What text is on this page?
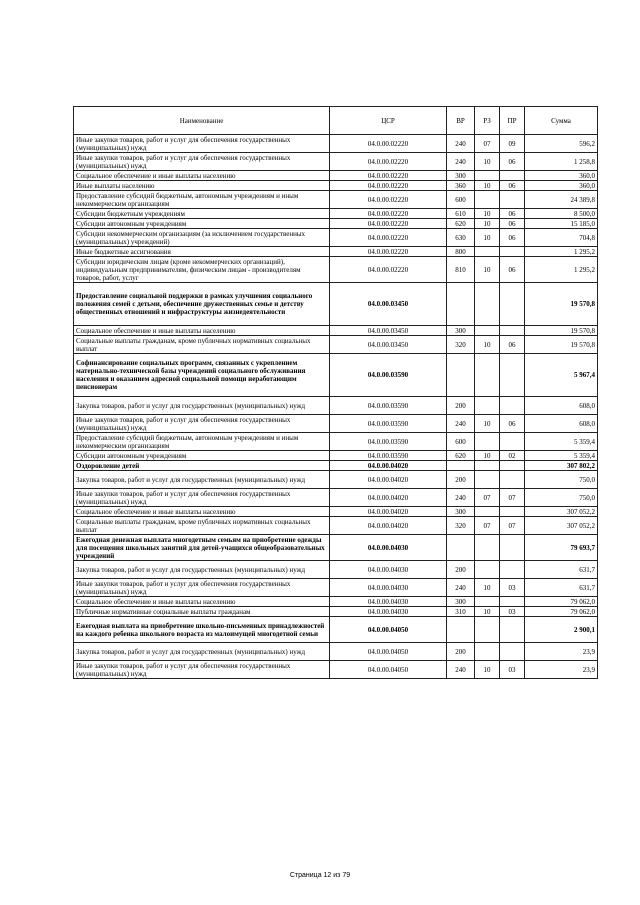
Наименование	ЦСР	ВР	РЗ	ПР	Сумма
Иные закупки товаров, работ и услуг для обеспечения государственных (муниципальных) нужд	04.0.00.02220	240	07	09	596,2
Иные закупки товаров, работ и услуг для обеспечения государственных (муниципальных) нужд	04.0.00.02220	240	10	06	1 258,8
Социальное обеспечение и иные выплаты населению	04.0.00.02220	300			360,0
Иные выплаты населению	04.0.00.02220	360	10	06	360,0
Предоставление субсидий бюджетным, автономным учреждениям и иным некоммерческим организациям	04.0.00.02220	600			24 389,8
Субсидии бюджетным учреждениям	04.0.00.02220	610	10	06	8 500,0
Субсидии автономным учреждениям	04.0.00.02220	620	10	06	15 185,0
Субсидии некоммерческим организациям (за исключением государственных (муниципальных) учреждений)	04.0.00.02220	630	10	06	704,8
Иные бюджетные ассигнования	04.0.00.02220	800			1 295,2
Субсидии юридическим лицам (кроме некоммерческих организаций), индивидуальным предпринимателям, физическим лицам - производителям товаров, работ, услуг	04.0.00.02220	810	10	06	1 295,2
Предоставление социальной поддержки в рамках улучшения социального положения семей с детьми, обеспечение дружественных семье и детству общественных отношений и инфраструктуры жизнедеятельности	04.0.00.03450				19 570,8
Социальное обеспечение и иные выплаты населению	04.0.00.03450	300			19 570,8
Социальные выплаты гражданам, кроме публичных нормативных социальных выплат	04.0.00.03450	320	10	06	19 570,8
Софинансирование социальных программ, связанных с укреплением материально-технической базы учреждений социального обслуживания населения и оказанием адресной социальной помощи неработающим пенсионерам	04.0.00.03590				5 967,4
Закупка товаров, работ и услуг для государственных (муниципальных) нужд	04.0.00.03590	200			608,0
Иные закупки товаров, работ и услуг для обеспечения государственных (муниципальных) нужд	04.0.00.03590	240	10	06	608,0
Предоставление субсидий бюджетным, автономным учреждениям и иным некоммерческим организациям	04.0.00.03590	600			5 359,4
Субсидии автономным учреждениям	04.0.00.03590	620	10	02	5 359,4
Оздоровление детей	04.0.00.04020				307 802,2
Закупка товаров, работ и услуг для государственных (муниципальных) нужд	04.0.00.04020	200			750,0
Иные закупки товаров, работ и услуг для обеспечения государственных (муниципальных) нужд	04.0.00.04020	240	07	07	750,0
Социальное обеспечение и иные выплаты населению	04.0.00.04020	300			307 052,2
Социальные выплаты гражданам, кроме публичных нормативных социальных выплат	04.0.00.04020	320	07	07	307 052,2
Ежегодная денежная выплата многодетным семьям на приобретение одежды для посещения школьных занятий для детей-учащихся общеобразовательных учреждений	04.0.00.04030				79 693,7
Закупка товаров, работ и услуг для государственных (муниципальных) нужд	04.0.00.04030	200			631,7
Иные закупки товаров, работ и услуг для обеспечения государственных (муниципальных) нужд	04.0.00.04030	240	10	03	631,7
Социальное обеспечение и иные выплаты населению	04.0.00.04030	300			79 062,0
Публичные нормативные социальные выплаты гражданам	04.0.00.04030	310	10	03	79 062,0
Ежегодная выплата на приобретение школьно-письменных принадлежностей на каждого ребенка школьного возраста из малоимущей многодетной семьи	04.0.00.04050				2 900,1
Закупка товаров, работ и услуг для государственных (муниципальных) нужд	04.0.00.04050	200			23,9
Иные закупки товаров, работ и услуг для обеспечения государственных (муниципальных) нужд	04.0.00.04050	240	10	03	23,9
Страница 12 из 79
